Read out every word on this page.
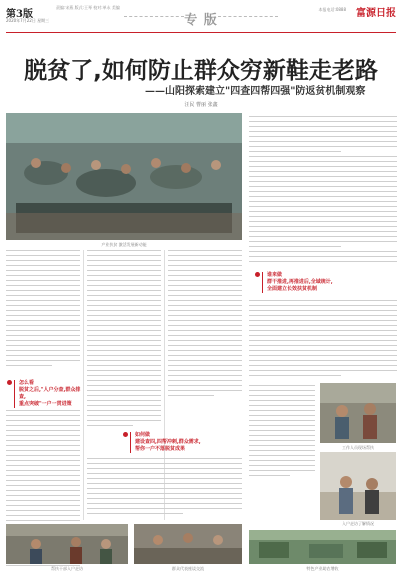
第3版
2020年7月22日 星期三
责编:宋燕 版式:王琴 校对:单永 美编
专 版
本报电话:0888 富源日报
脱贫了,如何防止群众穷新鞋走老路
——山阳探索建立"四查四帮四强"防返贫机制观察
汪民 曹丽 张鑫
产业扶贫 激活发展新动能
怎么看
脱贫之后,"人户分查,群众排查,
重点突破"一户一贯进策
如何做
建设查四,四帮冲刺,群众需求,
帮你一户不落脱贫成果
谁来做
群干推进,再推进后,全域统计,
全面建立长效扶贫机制
工作人员现场帮扶
入户走访了解情况
帮扶干部入户走访	群众代表座谈交流	特色产业助农增收
